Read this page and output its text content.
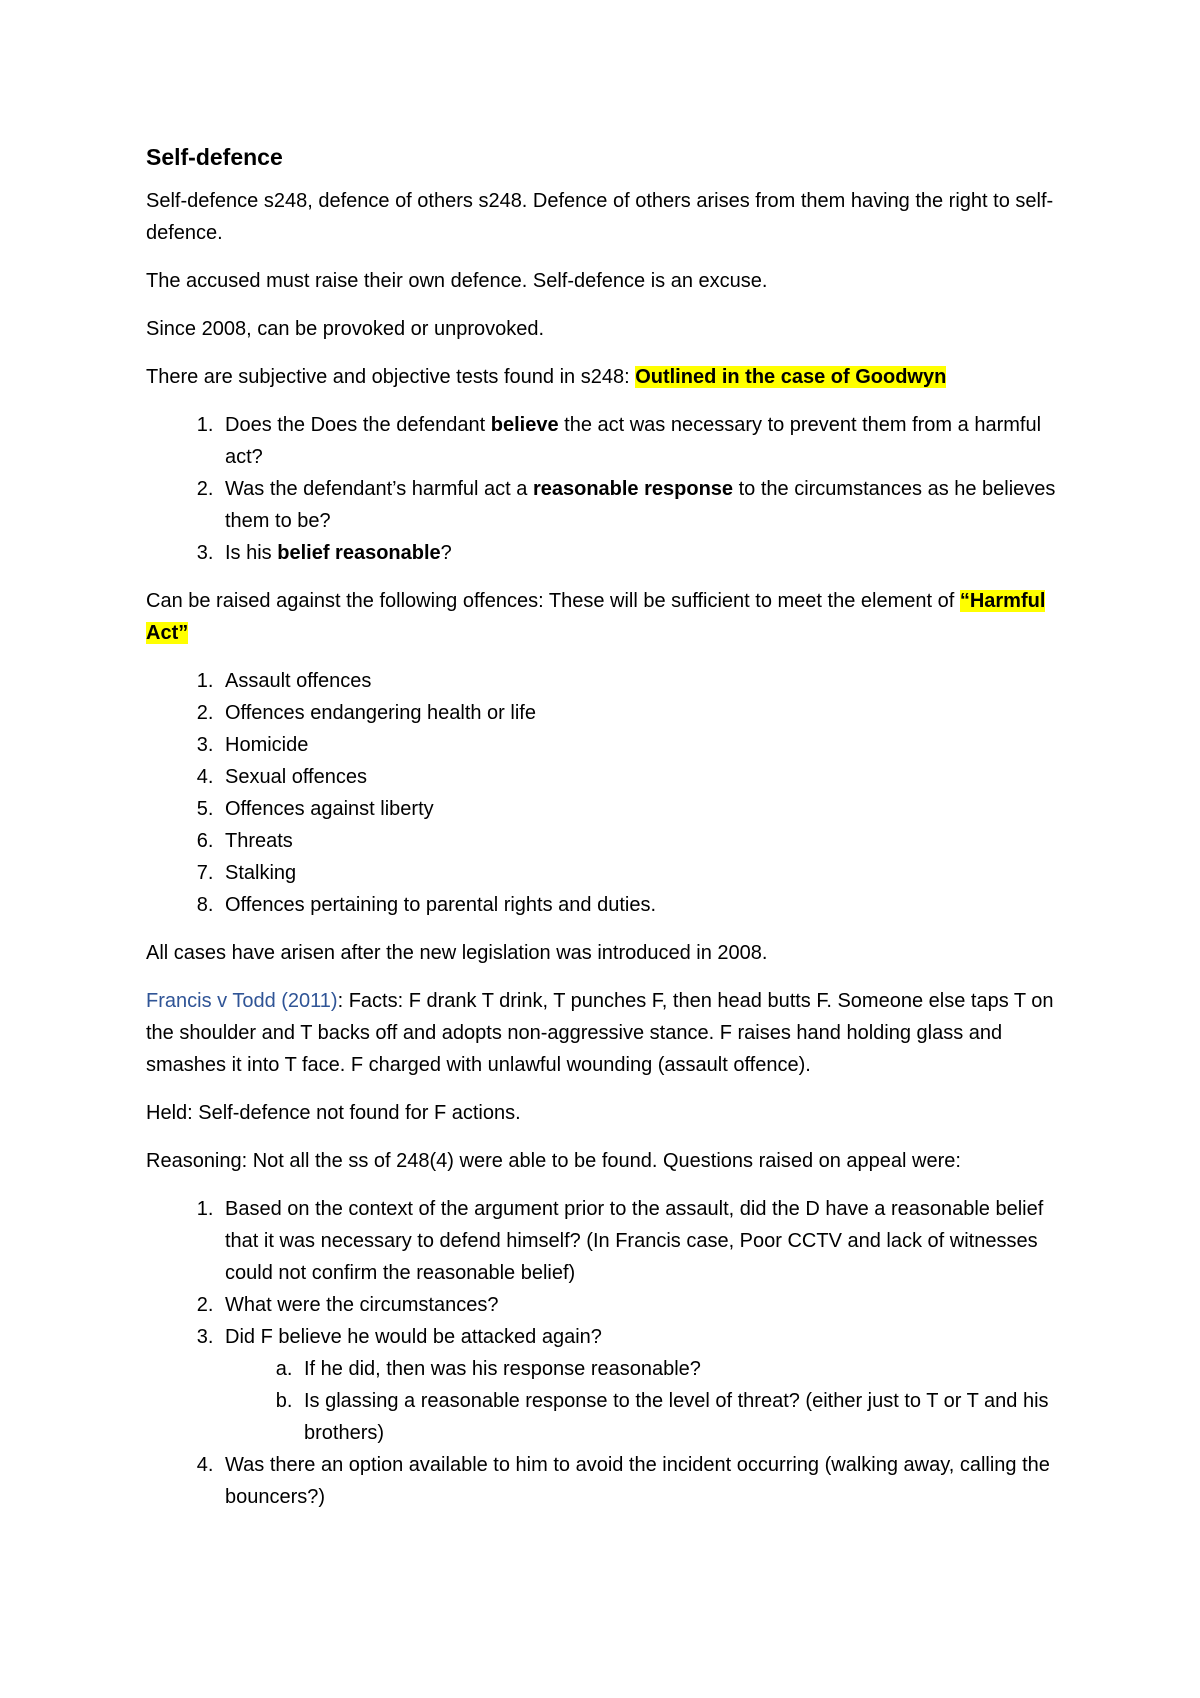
Self-defence

Self-defence s248, defence of others s248. Defence of others arises from them having the right to self-defence.

The accused must raise their own defence. Self-defence is an excuse.

Since 2008, can be provoked or unprovoked.

There are subjective and objective tests found in s248: Outlined in the case of Goodwyn

1. Does the Does the defendant believe the act was necessary to prevent them from a harmful act?
2. Was the defendant’s harmful act a reasonable response to the circumstances as he believes them to be?
3. Is his belief reasonable?

Can be raised against the following offences: These will be sufficient to meet the element of “Harmful Act”

1. Assault offences
2. Offences endangering health or life
3. Homicide
4. Sexual offences
5. Offences against liberty
6. Threats
7. Stalking
8. Offences pertaining to parental rights and duties.

All cases have arisen after the new legislation was introduced in 2008.

Francis v Todd (2011): Facts: F drank T drink, T punches F, then head butts F. Someone else taps T on the shoulder and T backs off and adopts non-aggressive stance. F raises hand holding glass and smashes it into T face. F charged with unlawful wounding (assault offence).

Held: Self-defence not found for F actions.

Reasoning: Not all the ss of 248(4) were able to be found. Questions raised on appeal were:

1. Based on the context of the argument prior to the assault, did the D have a reasonable belief that it was necessary to defend himself? (In Francis case, Poor CCTV and lack of witnesses could not confirm the reasonable belief)
2. What were the circumstances?
3. Did F believe he would be attacked again?
a. If he did, then was his response reasonable?
b. Is glassing a reasonable response to the level of threat? (either just to T or T and his brothers)
4. Was there an option available to him to avoid the incident occurring (walking away, calling the bouncers?)
